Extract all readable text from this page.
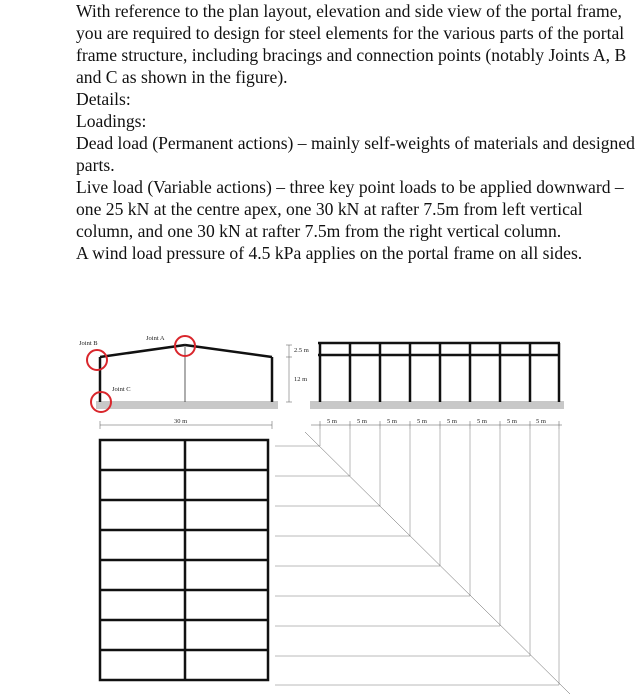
With reference to the plan layout, elevation and side view of the portal frame, you are required to design for steel elements for the various parts of the portal frame structure, including bracings and connection points (notably Joints A, B and C as shown in the figure).

Details:

Loadings:

Dead load (Permanent actions) – mainly self-weights of materials and designed parts.

Live load (Variable actions) – three key point loads to be applied downward – one 25 kN at the centre apex, one 30 kN at rafter 7.5m from left vertical column, and one 30 kN at rafter 7.5m from the right vertical column.

A wind load pressure of 4.5 kPa applies on the portal frame on all sides.

Joint A
Joint B
Joint C
30 m
2.5 m
12 m
5 m	5 m	5 m	5 m	5 m	5 m	5 m	5 m
